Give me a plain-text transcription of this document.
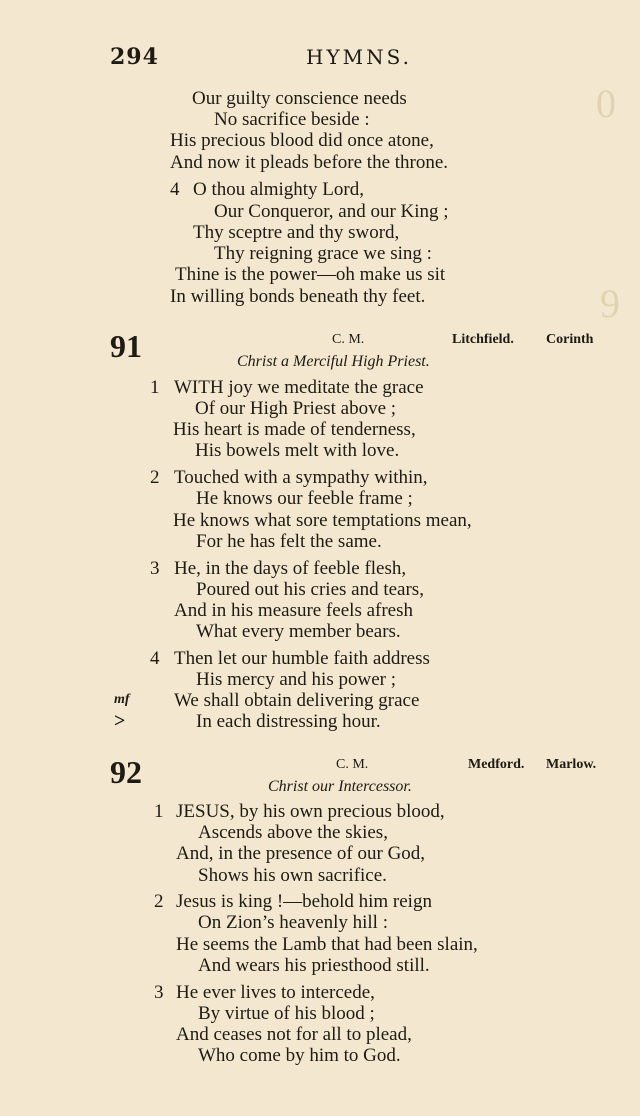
9
0
294	HYMNS.
Our guilty conscience needs
No sacrifice beside :
His precious blood did once atone,
And now it pleads before the throne.
4 O thou almighty Lord,
Our Conqueror, and our King ;
Thy sceptre and thy sword,
Thy reigning grace we sing :
Thine is the power—oh make us sit
In willing bonds beneath thy feet.
91	C. M.	Litchfield. Corinth
Christ a Merciful High Priest.
1 WITH joy we meditate the grace
Of our High Priest above ;
His heart is made of tenderness,
His bowels melt with love.
2 Touched with a sympathy within,
He knows our feeble frame ;
He knows what sore temptations mean,
For he has felt the same.
3 He, in the days of feeble flesh,
Poured out his cries and tears,
And in his measure feels afresh
What every member bears.
4 Then let our humble faith address
His mercy and his power ;
mf We shall obtain delivering grace
>	In each distressing hour.
92	C. M.	Medford. Marlow.
Christ our Intercessor.
1 JESUS, by his own precious blood,
Ascends above the skies,
And, in the presence of our God,
Shows his own sacrifice.
2 Jesus is king !—behold him reign
On Zion’s heavenly hill :
He seems the Lamb that had been slain,
And wears his priesthood still.
3 He ever lives to intercede,
By virtue of his blood ;
And ceases not for all to plead,
Who come by him to God.
